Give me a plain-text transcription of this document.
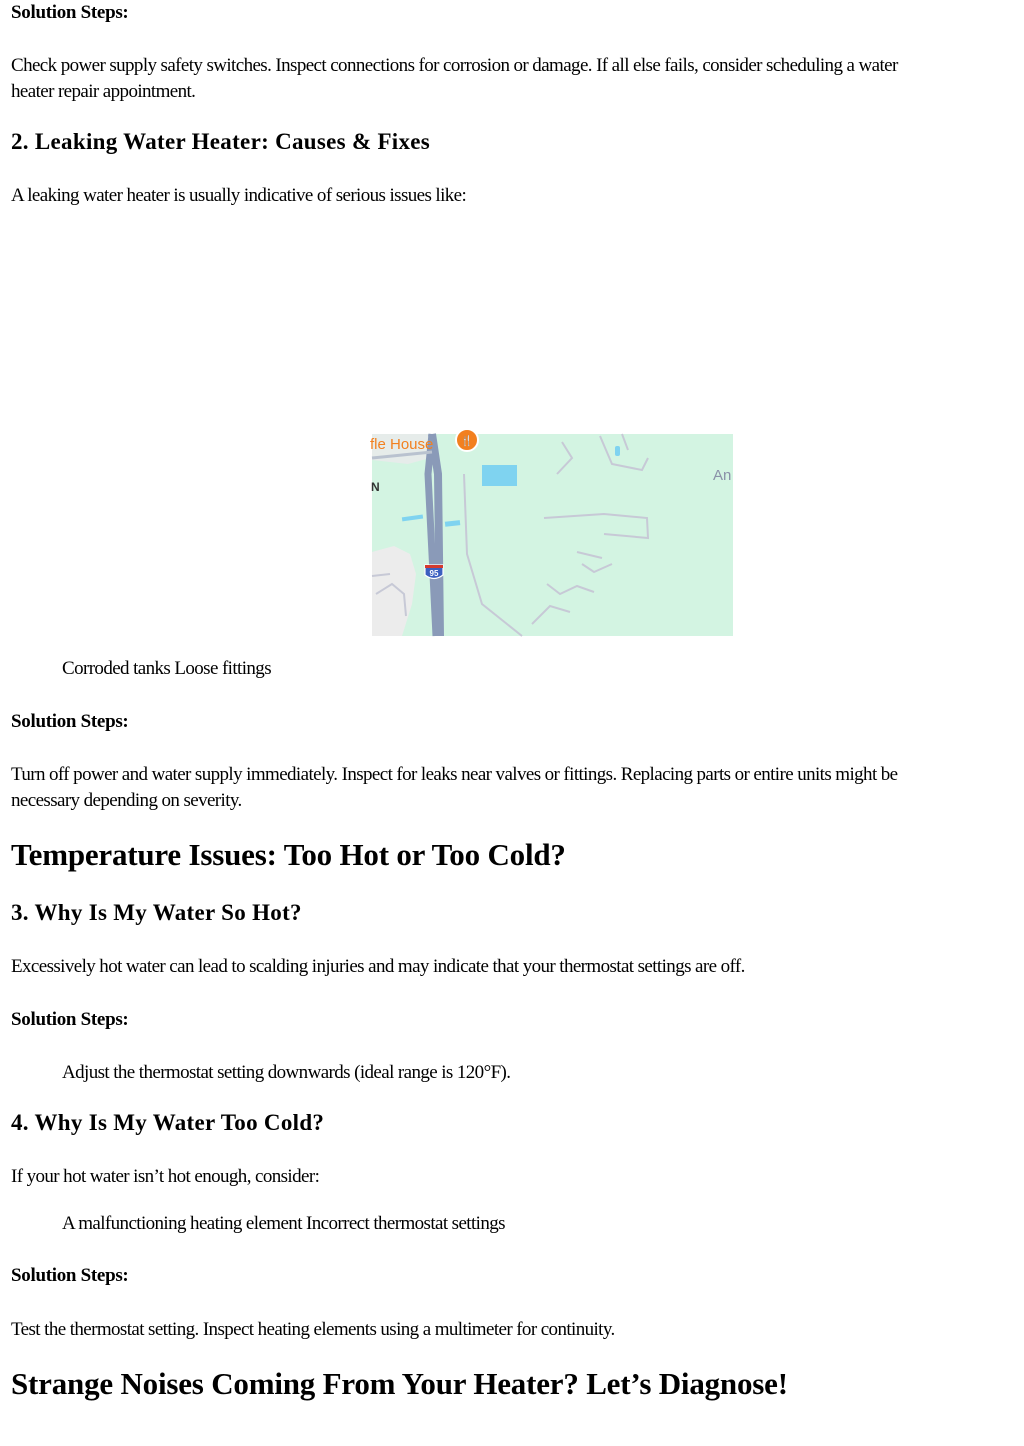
Solution Steps:

Check power supply safety switches. Inspect connections for corrosion or damage. If all else fails, consider scheduling a water

heater repair appointment.

2. Leaking Water Heater: Causes & Fixes

A leaking water heater is usually indicative of serious issues like:

95
fle House	🍴
An
N

Corroded tanks Loose fittings

Solution Steps:

Turn off power and water supply immediately. Inspect for leaks near valves or fittings. Replacing parts or entire units might be

necessary depending on severity.

Temperature Issues: Too Hot or Too Cold?
3. Why Is My Water So Hot?

Excessively hot water can lead to scalding injuries and may indicate that your thermostat settings are off.

Solution Steps:

Adjust the thermostat setting downwards (ideal range is 120°F).

4. Why Is My Water Too Cold?

If your hot water isn’t hot enough, consider:

A malfunctioning heating element Incorrect thermostat settings

Solution Steps:

Test the thermostat setting. Inspect heating elements using a multimeter for continuity.

Strange Noises Coming From Your Heater? Let’s Diagnose!
